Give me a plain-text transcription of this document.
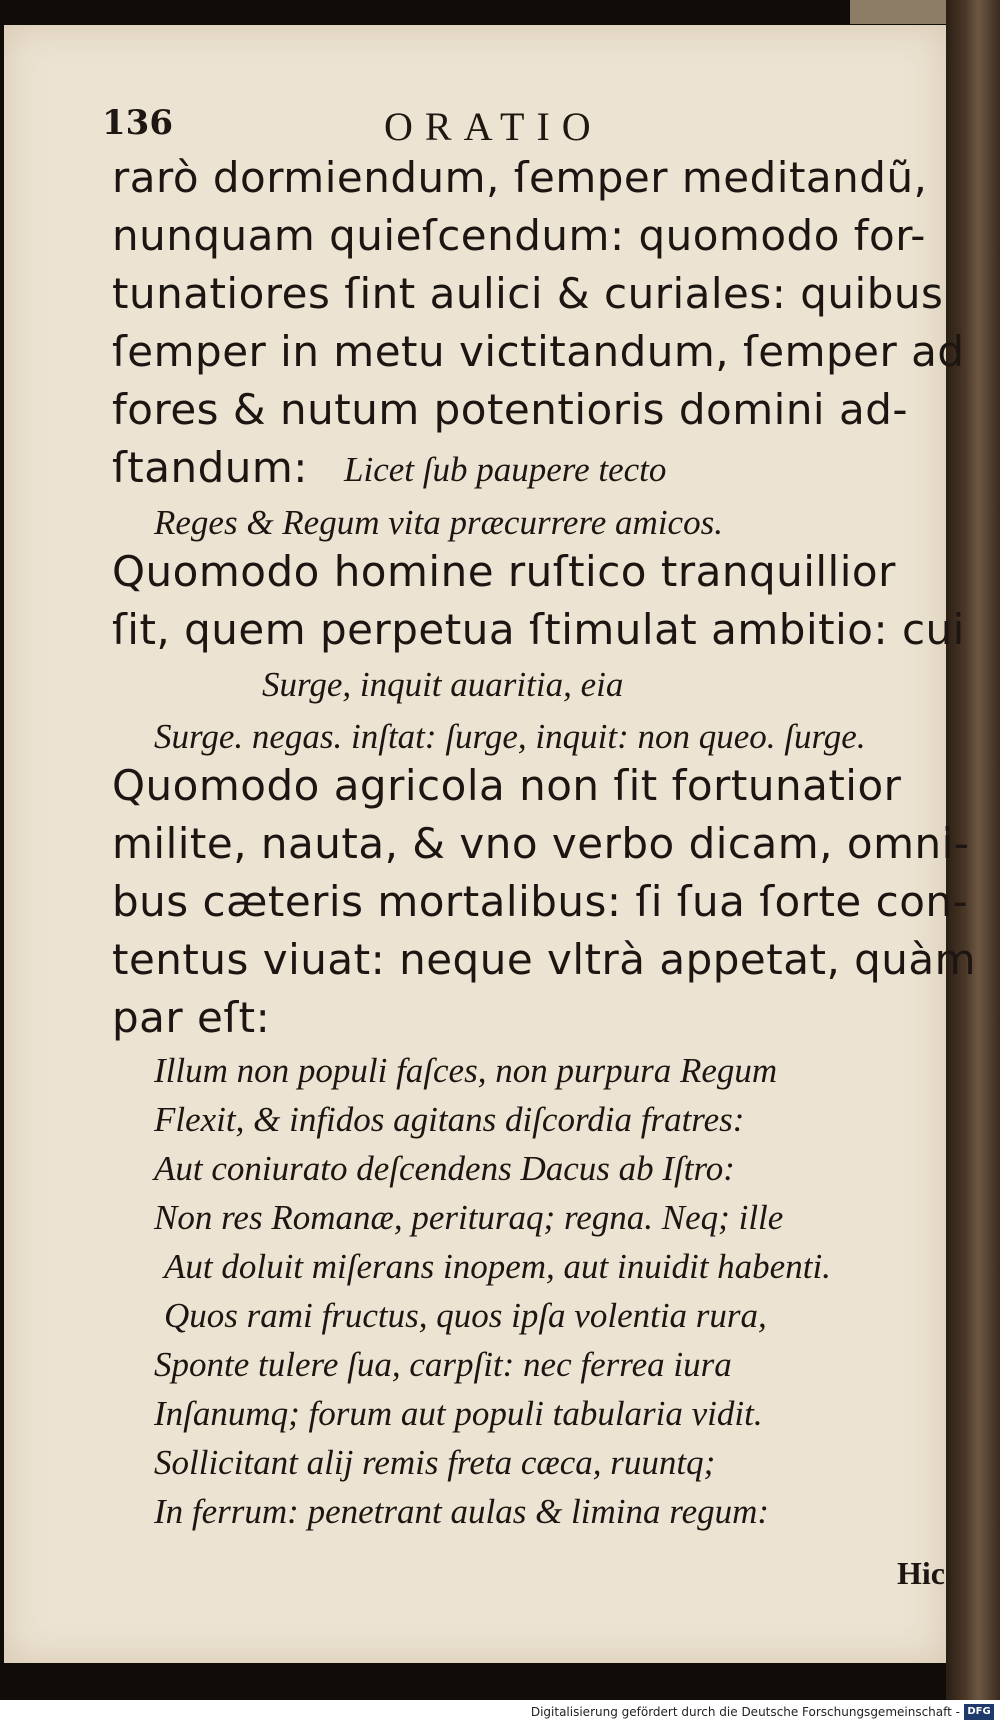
136	ORATIO
rarò dormiendum, ſemper meditandũ,
nunquam quieſcendum: quomodo for-
tunatiores ſint aulici & curiales: quibus
ſemper in metu victitandum, ſemper ad
fores & nutum potentioris domini ad-
ſtandum: Licet ſub paupere tecto
Reges & Regum vita præcurrere amicos.
Quomodo homine ruſtico tranquillior
ſit, quem perpetua ſtimulat ambitio: cui
Surge, inquit auaritia, eia
Surge. negas. inſtat: ſurge, inquit: non queo. ſurge.
Quomodo agricola non ſit fortunatior
milite, nauta, & vno verbo dicam, omni-
bus cæteris mortalibus: ſi ſua ſorte con-
tentus viuat: neque vltrà appetat, quàm
par eſt:
Illum non populi faſces, non purpura Regum
Flexit, & infidos agitans diſcordia fratres:
Aut coniurato deſcendens Dacus ab Iſtro:
Non res Romanæ, perituraq; regna. Neq; ille
Aut doluit miſerans inopem, aut inuidit habenti.
Quos rami fructus, quos ipſa volentia rura,
Sponte tulere ſua, carpſit: nec ferrea iura
Inſanumq; forum aut populi tabularia vidit.
Sollicitant alij remis freta cæca, ruuntq;
In ferrum: penetrant aulas & limina regum:
Hic
Digitalisierung gefördert durch die Deutsche Forschungsgemeinschaft - DFG
